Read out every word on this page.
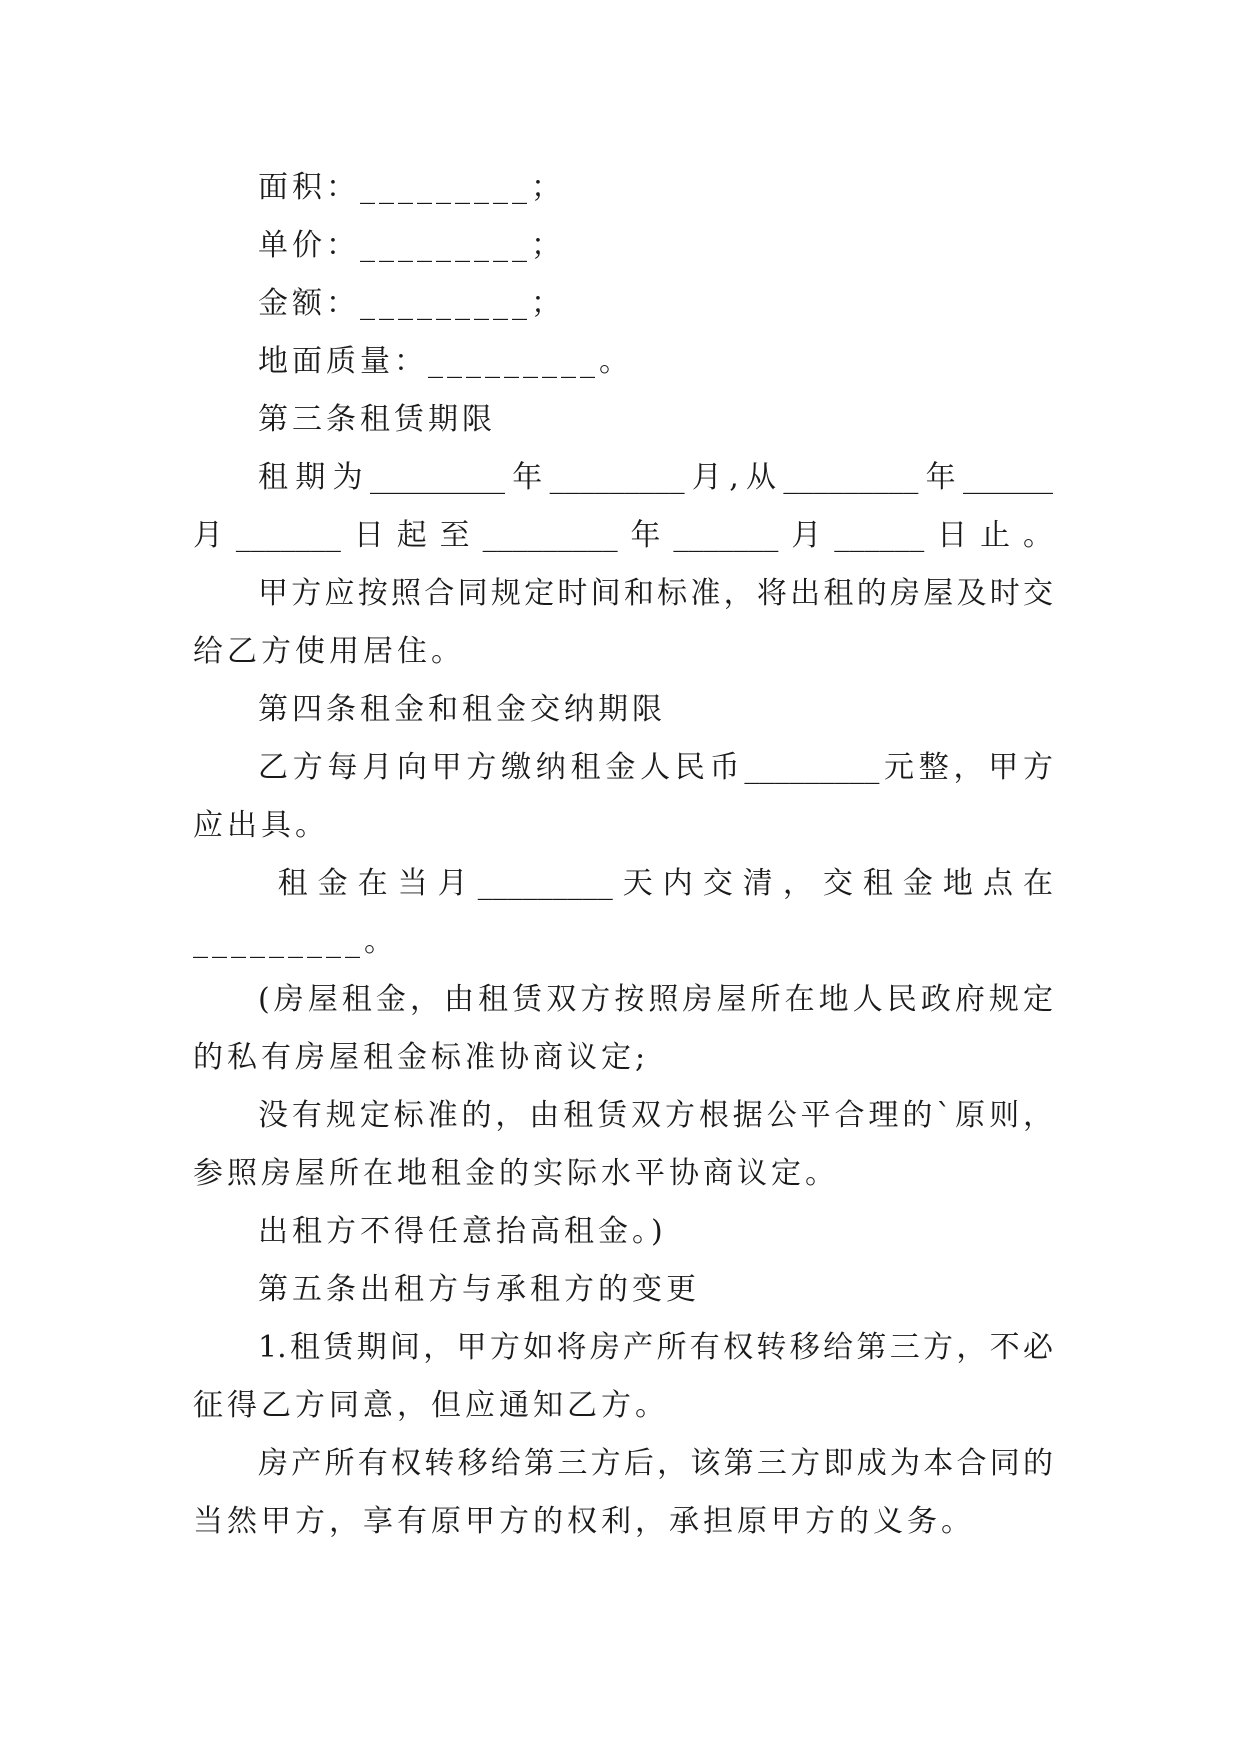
面积：_________；
单价：_________；
金额：_________；
地面质量：_________。
第三条租赁期限
租期为_________年_________月,从_________年______
月_______日起至_________年_______月______日止。
甲方应按照合同规定时间和标准，将出租的房屋及时交
给乙方使用居住。
第四条租金和租金交纳期限
乙方每月向甲方缴纳租金人民币_________元整，甲方
应出具。
租金在当月_________天内交清，交租金地点在
_________。
(房屋租金，由租赁双方按照房屋所在地人民政府规定
的私有房屋租金标准协商议定;
没有规定标准的，由租赁双方根据公平合理的`原则，
参照房屋所在地租金的实际水平协商议定。
出租方不得任意抬高租金。)
第五条出租方与承租方的变更
1.租赁期间，甲方如将房产所有权转移给第三方，不必
征得乙方同意，但应通知乙方。
房产所有权转移给第三方后，该第三方即成为本合同的
当然甲方，享有原甲方的权利，承担原甲方的义务。
